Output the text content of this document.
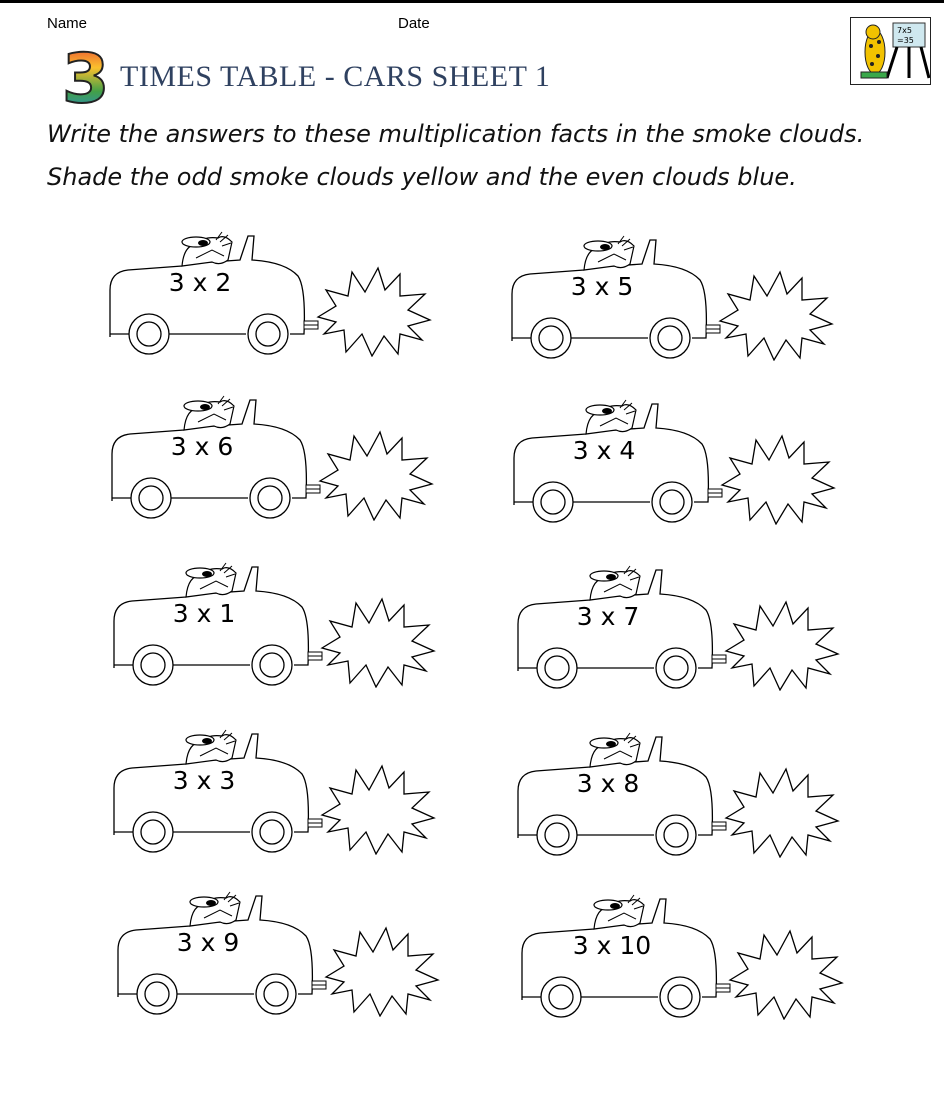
Name	Date	7x5
=35
3 TIMES TABLE - CARS SHEET 1
Write the answers to these multiplication facts in the smoke clouds.
Shade the odd smoke clouds yellow and the even clouds blue.
3 x 2	3 x 5
3 x 6	3 x 4
3 x 1	3 x 7
3 x 3	3 x 8
3 x 9	3 x 10
